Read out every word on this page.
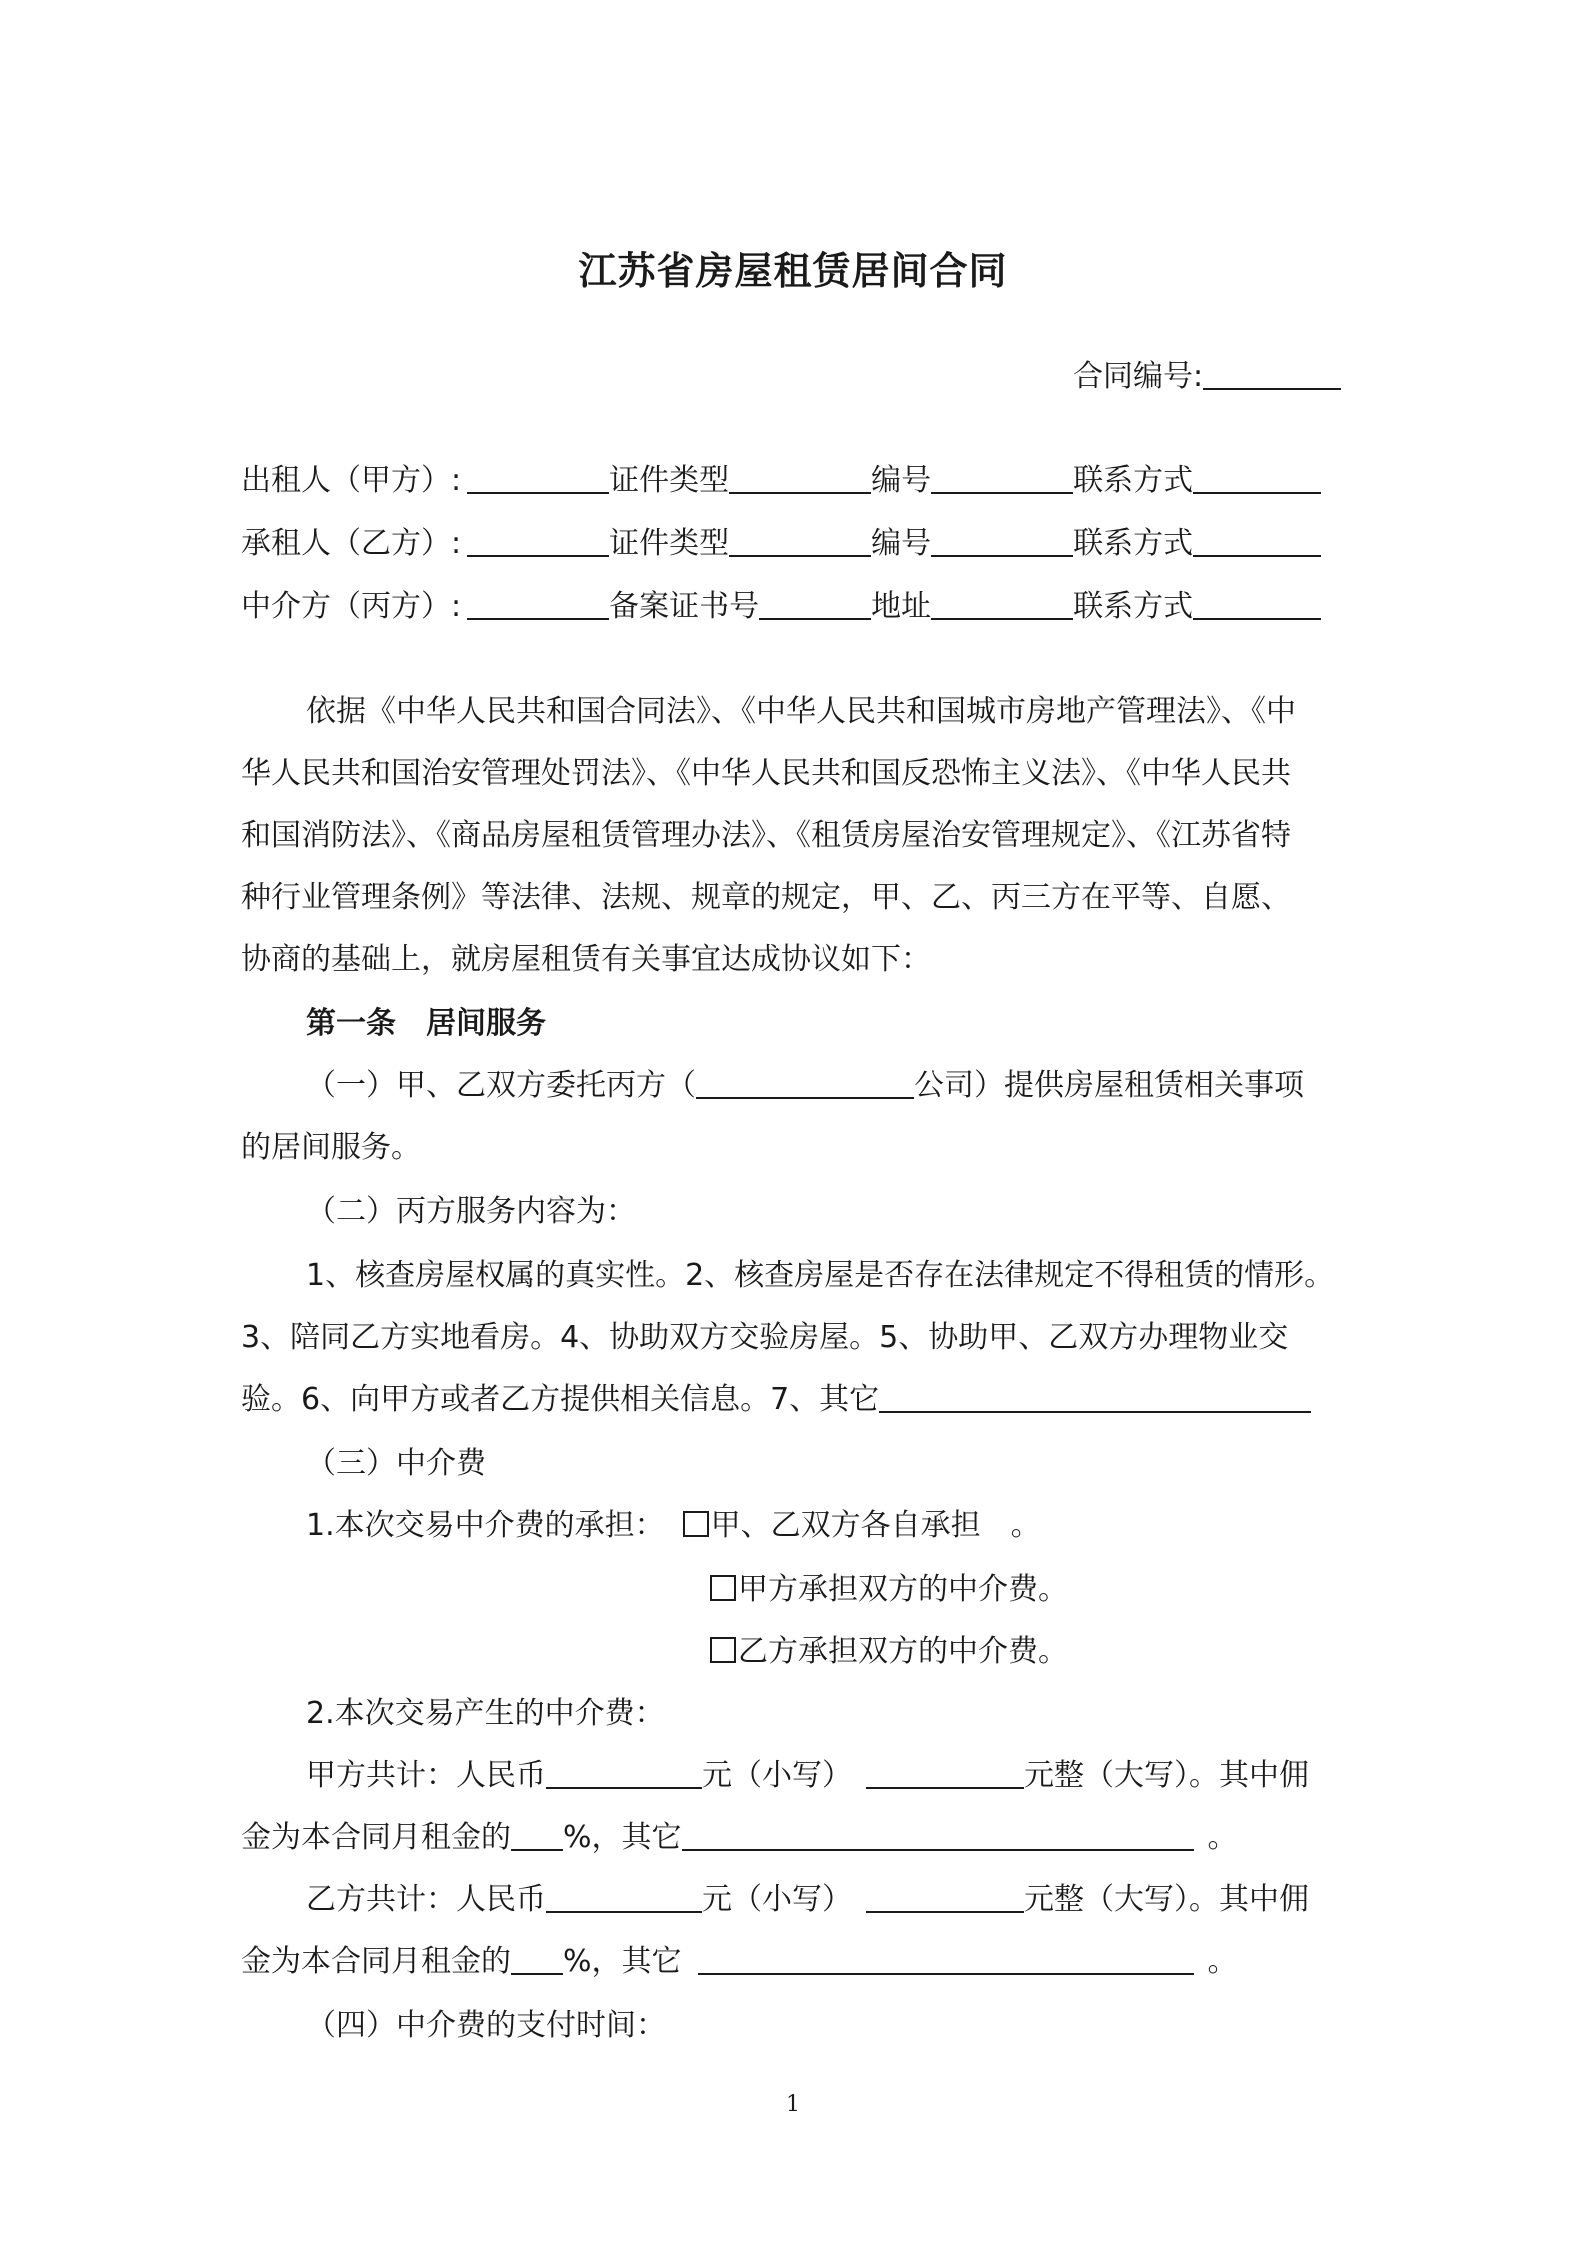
江苏省房屋租赁居间合同
合同编号:
出租人（甲方）:	证件类型	编号	联系方式
承租人（乙方）:	证件类型	编号	联系方式
中介方（丙方）:	备案证书号	地址	联系方式
依据《中华人民共和国合同法》、《中华人民共和国城市房地产管理法》、《中
华人民共和国治安管理处罚法》、《中华人民共和国反恐怖主义法》、《中华人民共
和国消防法》、《商品房屋租赁管理办法》、《租赁房屋治安管理规定》、《江苏省特
种行业管理条例》等法律、法规、规章的规定，甲、乙、丙三方在平等、自愿、
协商的基础上，就房屋租赁有关事宜达成协议如下：
第一条　居间服务
（一）甲、乙双方委托丙方（	公司）提供房屋租赁相关事项
的居间服务。
（二）丙方服务内容为：
1、核查房屋权属的真实性。2、核查房屋是否存在法律规定不得租赁的情形。
3、陪同乙方实地看房。4、协助双方交验房屋。5、协助甲、乙双方办理物业交
验。6、向甲方或者乙方提供相关信息。7、其它
（三）中介费
1.本次交易中介费的承担： 甲、乙双方各自承担　。
甲方承担双方的中介费。
乙方承担双方的中介费。
2.本次交易产生的中介费：
甲方共计：人民币	元（小写）	元整（大写）。其中佣
金为本合同月租金的 %，其它	。
乙方共计：人民币	元（小写）	元整（大写）。其中佣
金为本合同月租金的 %，其它	。
（四）中介费的支付时间：
1
